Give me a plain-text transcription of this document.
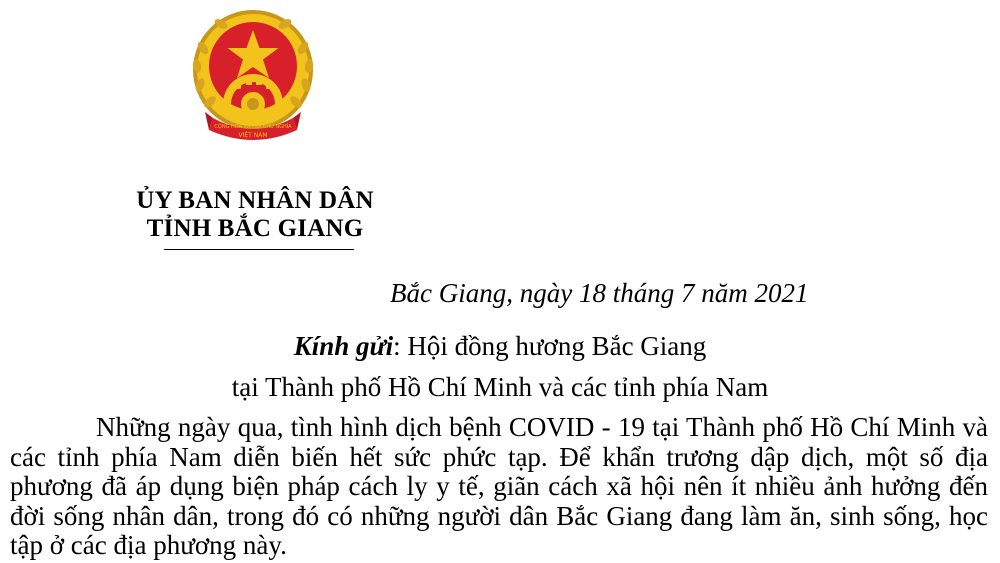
CỘNG HÒA XÃ HỘI CHỦ NGHĨA
VIỆT NAM
ỦY BAN NHÂN DÂN
TỈNH BẮC GIANG
Bắc Giang, ngày 18 tháng 7 năm 2021
Kính gửi: Hội đồng hương Bắc Giang
tại Thành phố Hồ Chí Minh và các tỉnh phía Nam

Những ngày qua, tình hình dịch bệnh COVID - 19 tại Thành phố Hồ Chí Minh và các tỉnh phía Nam diễn biến hết sức phức tạp. Để khẩn trương dập dịch, một số địa phương đã áp dụng biện pháp cách ly y tế, giãn cách xã hội nên ít nhiều ảnh hưởng đến đời sống nhân dân, trong đó có những người dân Bắc Giang đang làm ăn, sinh sống, học tập ở các địa phương này.
